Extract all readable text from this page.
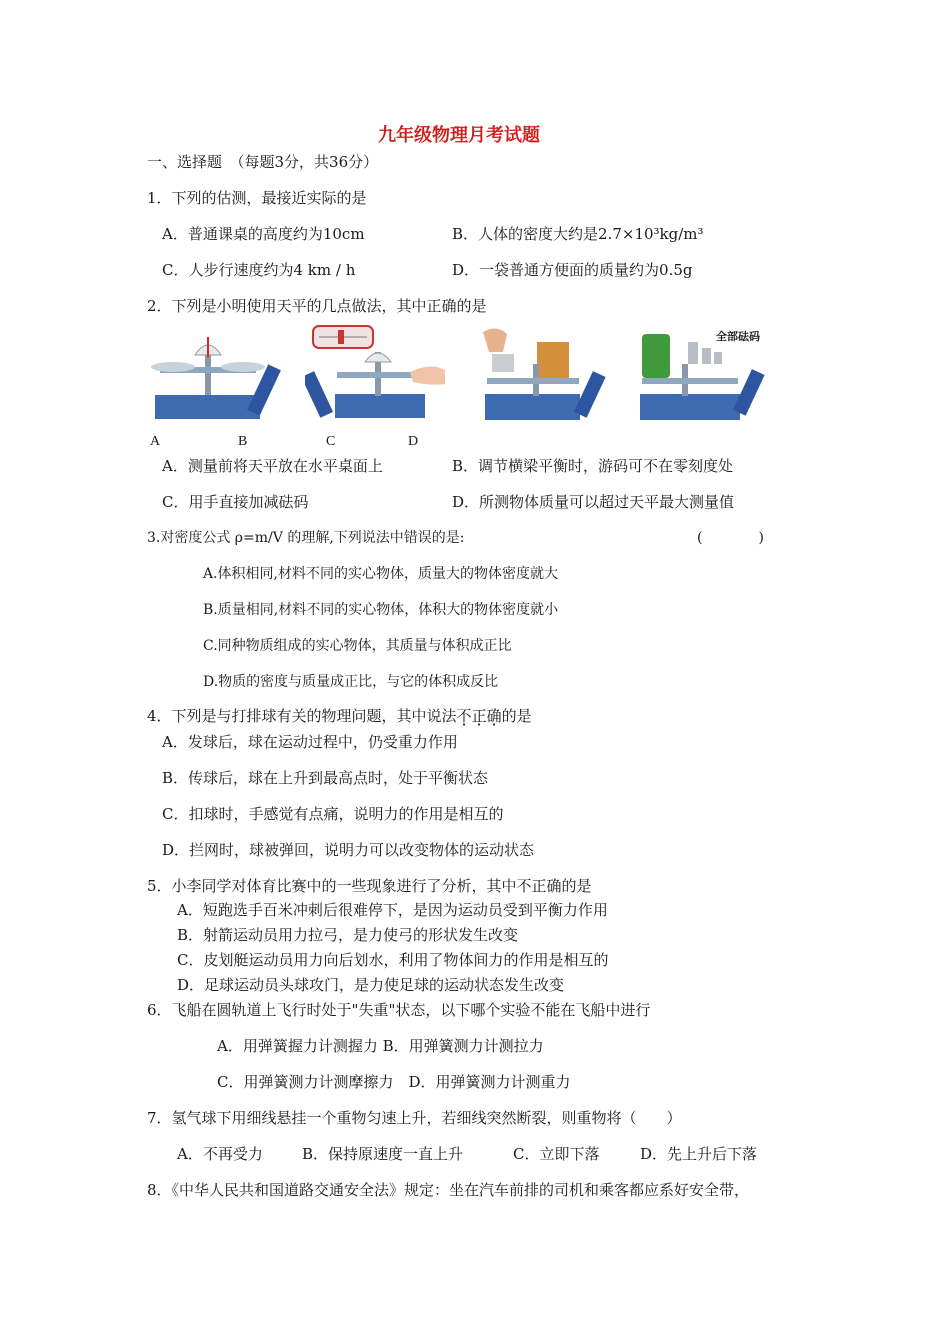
九年级物理月考试题
一、选择题　（每题3分，共36分）
1．下列的估测，最接近实际的是
A．普通课桌的高度约为10cm	B．人体的密度大约是2.7×10³kg/m³
C．人步行速度约为4 km / h	D．一袋普通方便面的质量约为0.5g
2．下列是小明使用天平的几点做法，其中正确的是
全部砝码
A	B	C	D
A．测量前将天平放在水平桌面上	B．调节横梁平衡时，游码可不在零刻度处
C．用手直接加减砝码	D．所测物体质量可以超过天平最大测量值
3.对密度公式 ρ=m/V 的理解,下列说法中错误的是:	(　　　　)
A.体积相同,材料不同的实心物体，质量大的物体密度就大
B.质量相同,材料不同的实心物体，体积大的物体密度就小
C.同种物质组成的实心物体，其质量与体积成正比
D.物质的密度与质量成正比，与它的体积成反比
4．下列是与打排球有关的物理问题，其中说法不正确的是
A．发球后，球在运动过程中，仍受重力作用
B．传球后，球在上升到最高点时，处于平衡状态
C．扣球时，手感觉有点痛，说明力的作用是相互的
D．拦网时，球被弹回，说明力可以改变物体的运动状态
5．小李同学对体育比赛中的一些现象进行了分析，其中不正确的是
A．短跑选手百米冲刺后很难停下，是因为运动员受到平衡力作用
B．射箭运动员用力拉弓，是力使弓的形状发生改变
C．皮划艇运动员用力向后划水，利用了物体间力的作用是相互的
D．足球运动员头球攻门，是力使足球的运动状态发生改变
6．飞船在圆轨道上飞行时处于"失重"状态，以下哪个实验不能在飞船中进行
A．用弹簧握力计测握力 B．用弹簧测力计测拉力
C．用弹簧测力计测摩擦力　D．用弹簧测力计测重力
7．氢气球下用细线悬挂一个重物匀速上升，若细线突然断裂，则重物将（　　）
A．不再受力	B．保持原速度一直上升	C．立即下落	D．先上升后下落
8．《中华人民共和国道路交通安全法》规定：坐在汽车前排的司机和乘客都应系好安全带，
